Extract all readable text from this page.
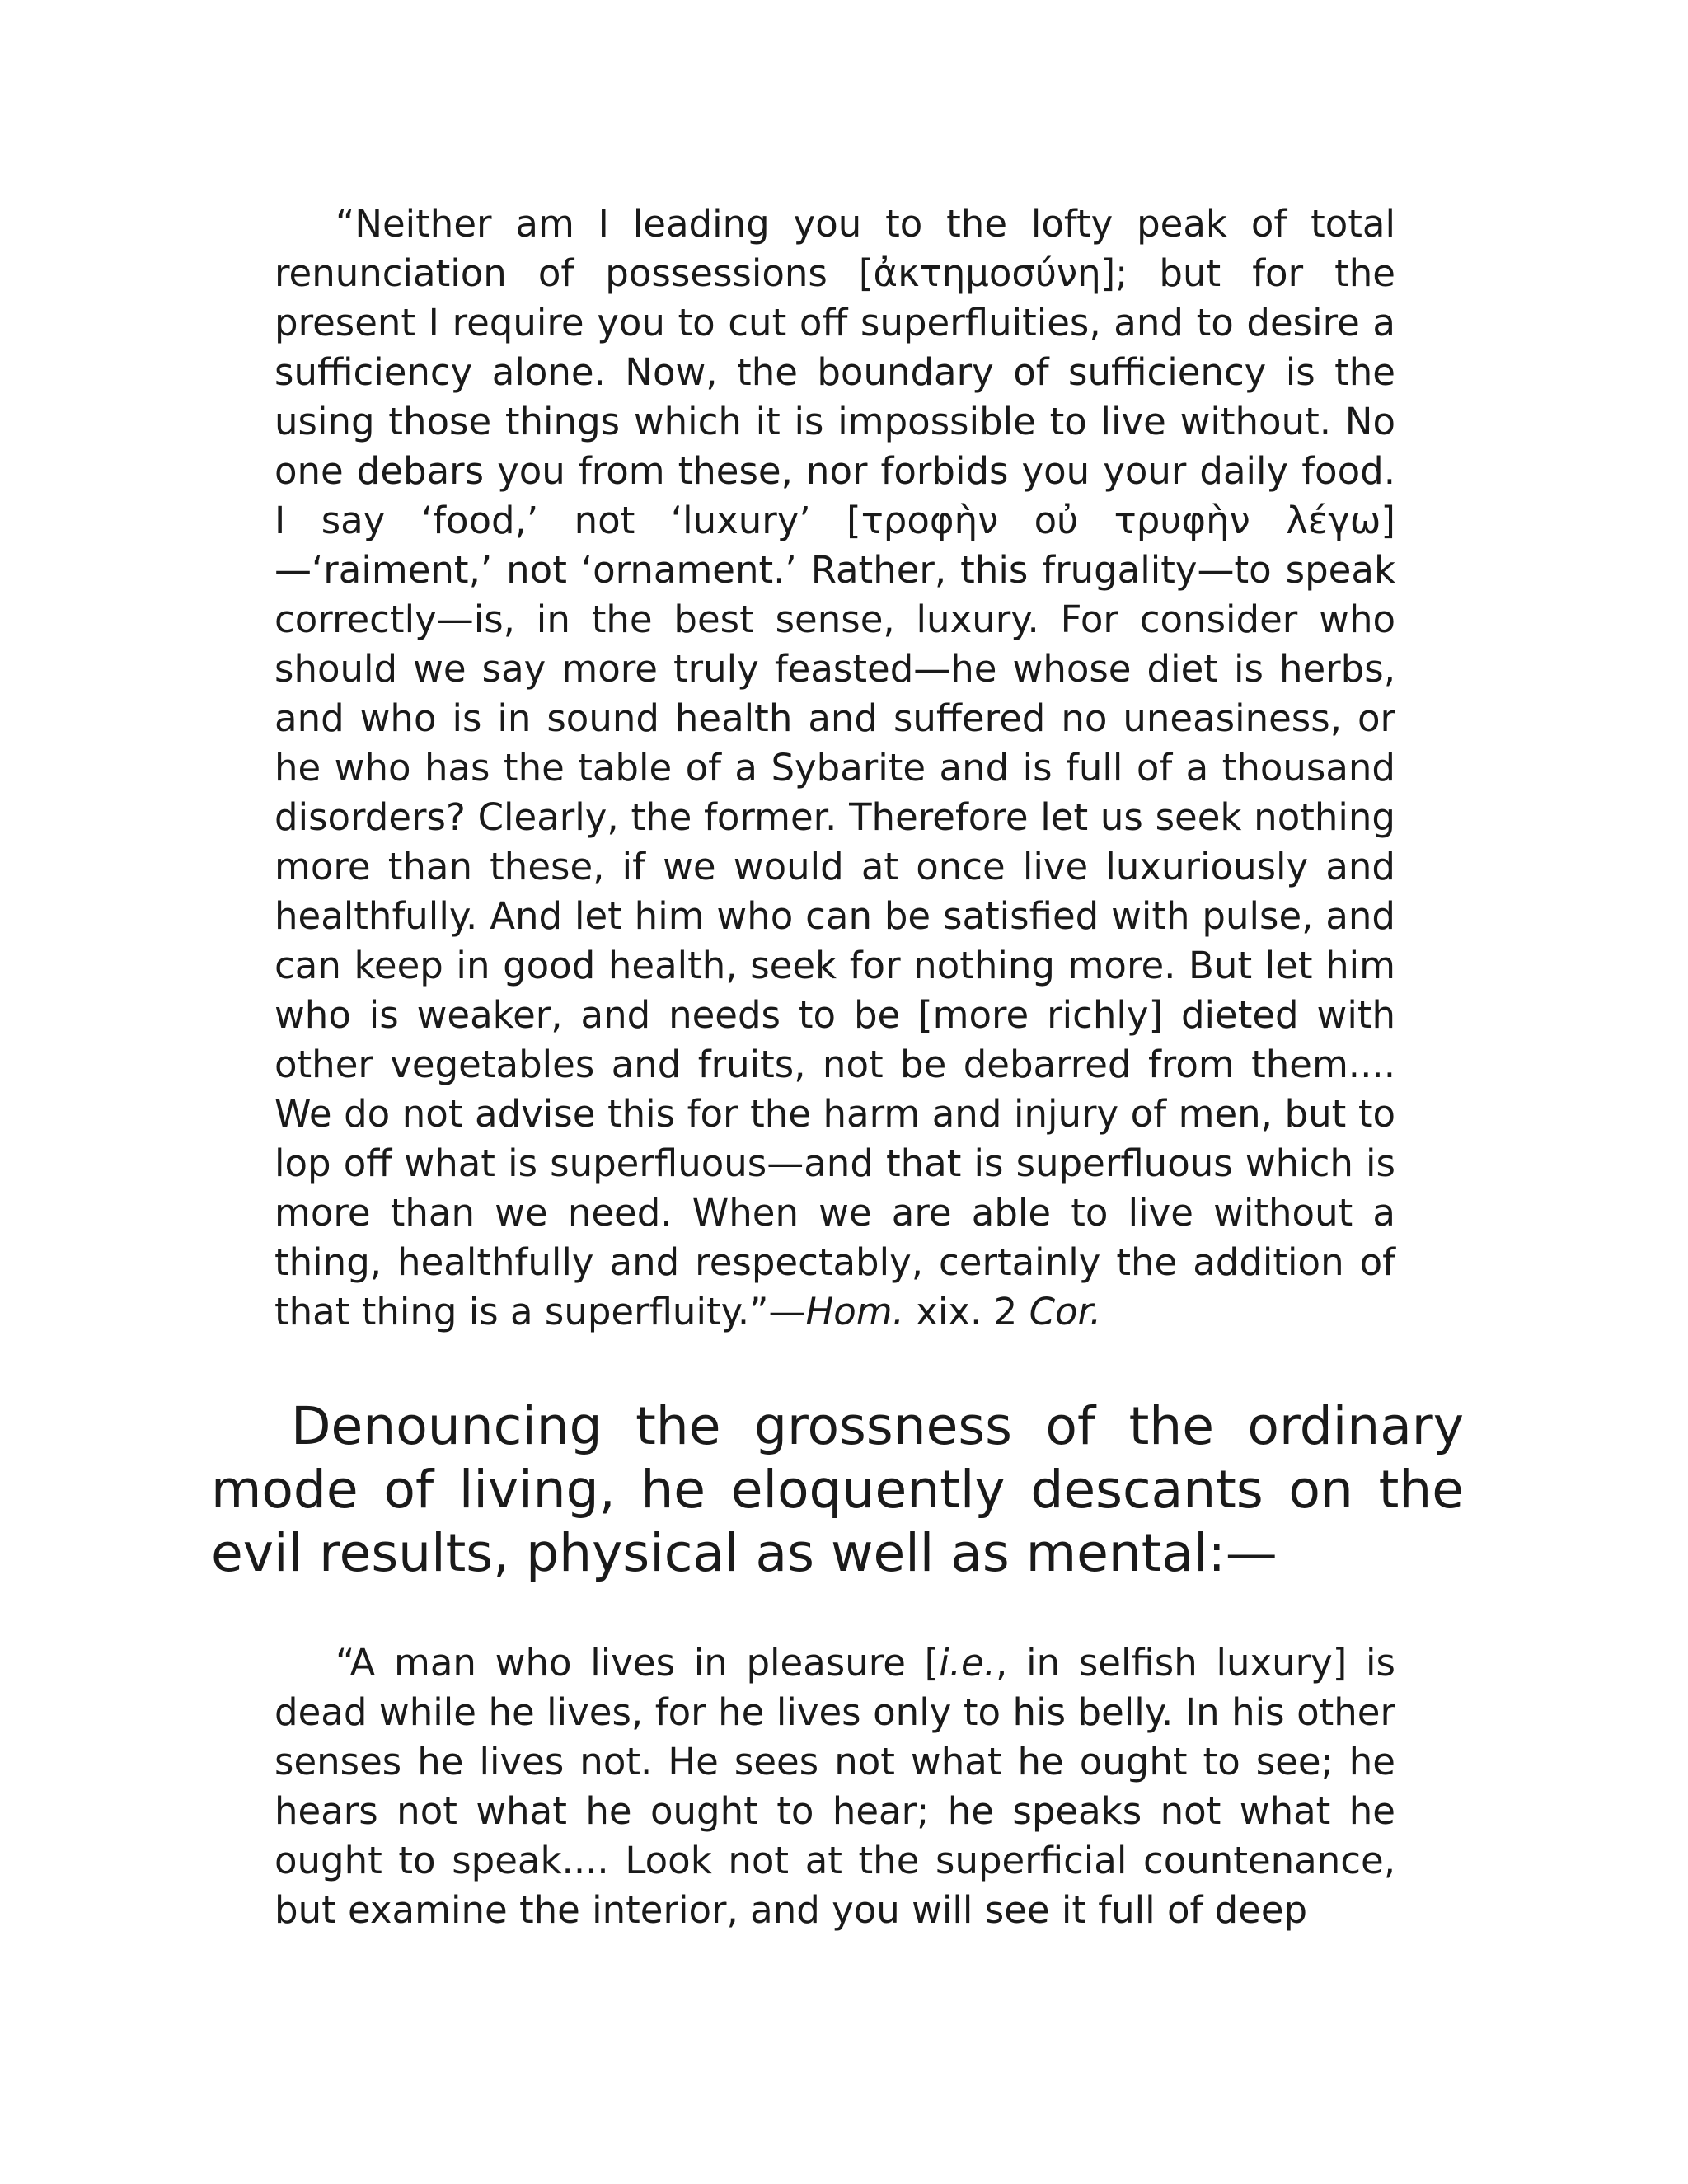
“Neither am I leading you to the lofty peak of total renunciation of possessions [ἀκτημοσύνη]; but for the present I require you to cut off superfluities, and to desire a sufficiency alone. Now, the boundary of sufficiency is the using those things which it is impossible to live without. No one debars you from these, nor forbids you your daily food. I say ‘food,’ not ‘luxury’ [τροφὴν οὐ τρυφὴν λέγω]—‘raiment,’ not ‘ornament.’ Rather, this frugality—to speak correctly—is, in the best sense, luxury. For consider who should we say more truly feasted—he whose diet is herbs, and who is in sound health and suffered no uneasiness, or he who has the table of a Sybarite and is full of a thousand disorders? Clearly, the former. Therefore let us seek nothing more than these, if we would at once live luxuriously and healthfully. And let him who can be satisfied with pulse, and can keep in good health, seek for nothing more. But let him who is weaker, and needs to be [more richly] dieted with other vegetables and fruits, not be debarred from them.... We do not advise this for the harm and injury of men, but to lop off what is superfluous—and that is superfluous which is more than we need. When we are able to live without a thing, healthfully and respectably, certainly the addition of that thing is a superfluity.”—Hom. xix. 2 Cor.

Denouncing the grossness of the ordinary mode of living, he eloquently descants on the evil results, physical as well as mental:—

“A man who lives in pleasure [i.e., in selfish luxury] is dead while he lives, for he lives only to his belly. In his other senses he lives not. He sees not what he ought to see; he hears not what he ought to hear; he speaks not what he ought to speak.... Look not at the superficial countenance, but examine the interior, and you will see it full of deep
